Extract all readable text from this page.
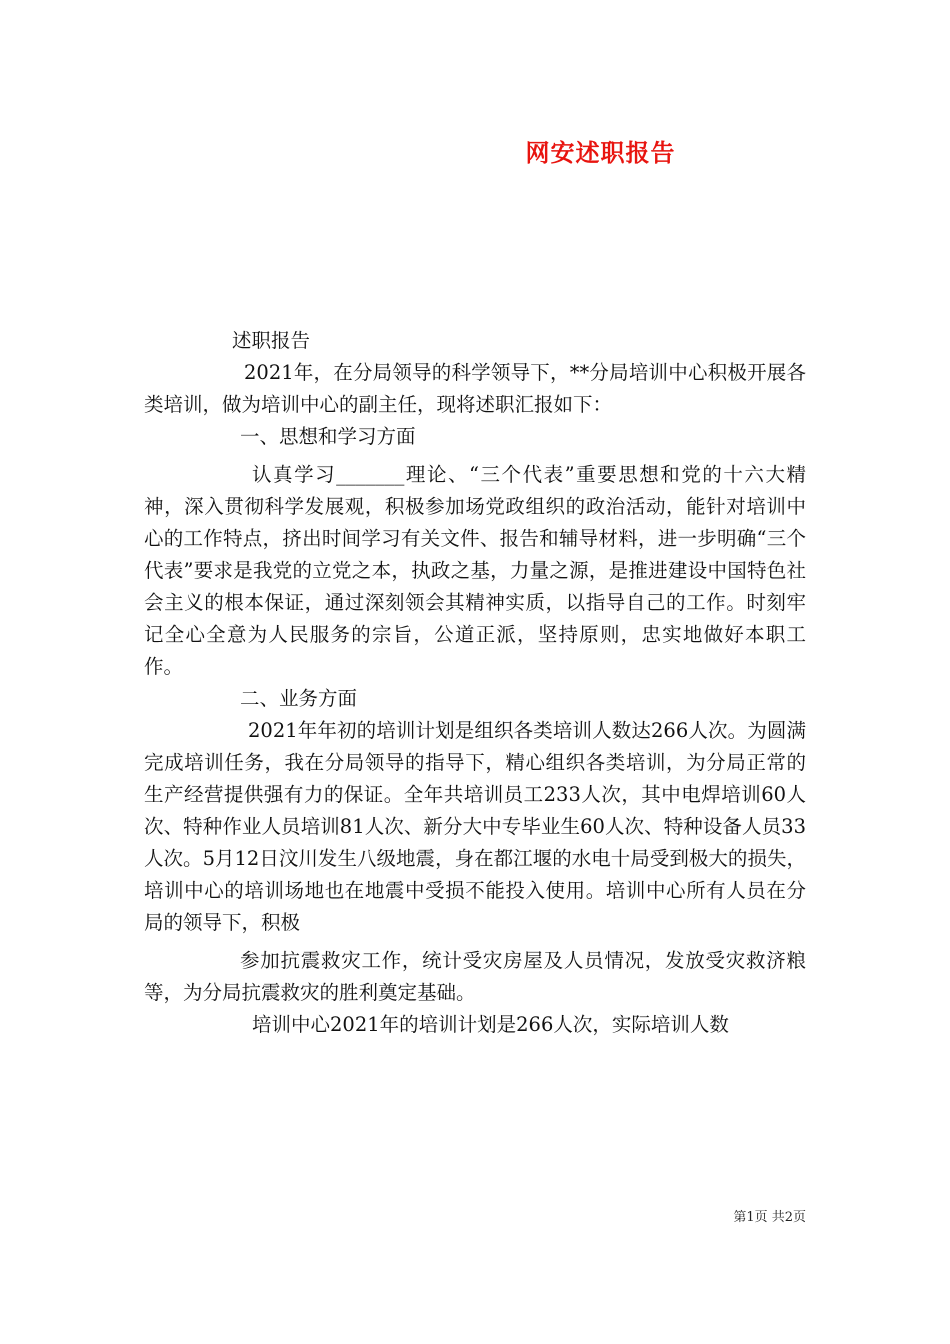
网安述职报告

述职报告

2021年，在分局领导的科学领导下，**分局培训中心积极开展各类培训，做为培训中心的副主任，现将述职汇报如下：

一、思想和学习方面

认真学习_______理论、“三个代表”重要思想和党的十六大精神，深入贯彻科学发展观，积极参加场党政组织的政治活动，能针对培训中心的工作特点，挤出时间学习有关文件、报告和辅导材料，进一步明确“三个代表”要求是我党的立党之本，执政之基，力量之源，是推进建设中国特色社会主义的根本保证，通过深刻领会其精神实质，以指导自己的工作。时刻牢记全心全意为人民服务的宗旨，公道正派，坚持原则，忠实地做好本职工作。

二、业务方面

2021年年初的培训计划是组织各类培训人数达266人次。为圆满完成培训任务，我在分局领导的指导下，精心组织各类培训，为分局正常的生产经营提供强有力的保证。全年共培训员工233人次，其中电焊培训60人次、特种作业人员培训81人次、新分大中专毕业生60人次、特种设备人员33人次。5月12日汶川发生八级地震，身在都江堰的水电十局受到极大的损失，培训中心的培训场地也在地震中受损不能投入使用。培训中心所有人员在分局的领导下，积极

参加抗震救灾工作，统计受灾房屋及人员情况，发放受灾救济粮等，为分局抗震救灾的胜利奠定基础。

培训中心2021年的培训计划是266人次，实际培训人数

第1页 共2页
